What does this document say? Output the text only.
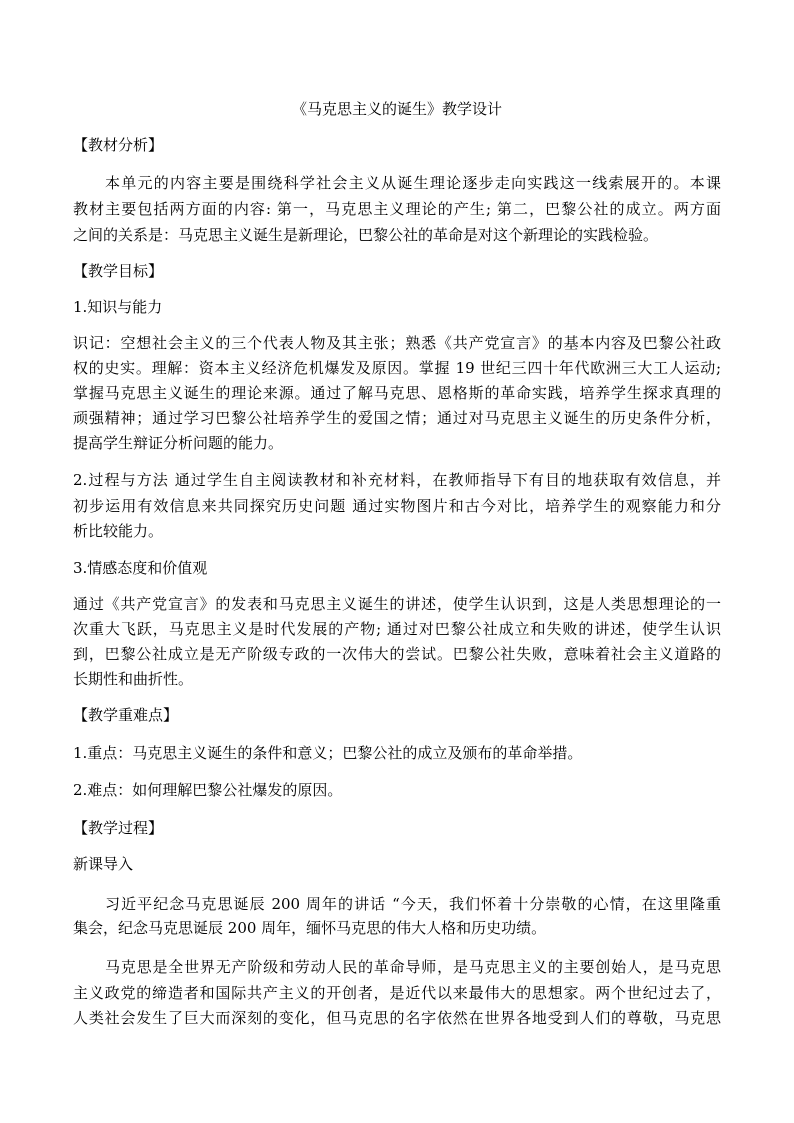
《马克思主义的诞生》教学设计
【教材分析】
本单元的内容主要是围绕科学社会主义从诞生理论逐步走向实践这一线索展开的。本课
教材主要包括两方面的内容: 第一，马克思主义理论的产生; 第二，巴黎公社的成立。两方面
之间的关系是：马克思主义诞生是新理论，巴黎公社的革命是对这个新理论的实践检验。
【教学目标】
1.知识与能力
识记：空想社会主义的三个代表人物及其主张；熟悉《共产党宣言》的基本内容及巴黎公社政
权的史实。理解：资本主义经济危机爆发及原因。掌握 19 世纪三四十年代欧洲三大工人运动;
掌握马克思主义诞生的理论来源。通过了解马克思、恩格斯的革命实践，培养学生探求真理的
顽强精神；通过学习巴黎公社培养学生的爱国之情；通过对马克思主义诞生的历史条件分析，
提高学生辩证分析问题的能力。
2.过程与方法 通过学生自主阅读教材和补充材料，在教师指导下有目的地获取有效信息，并
初步运用有效信息来共同探究历史问题 通过实物图片和古今对比，培养学生的观察能力和分
析比较能力。
3.情感态度和价值观
通过《共产党宣言》的发表和马克思主义诞生的讲述，使学生认识到，这是人类思想理论的一
次重大飞跃，马克思主义是时代发展的产物; 通过对巴黎公社成立和失败的讲述，使学生认识
到，巴黎公社成立是无产阶级专政的一次伟大的尝试。巴黎公社失败，意味着社会主义道路的
长期性和曲折性。
【教学重难点】
1.重点：马克思主义诞生的条件和意义；巴黎公社的成立及颁布的革命举措。
2.难点：如何理解巴黎公社爆发的原因。
【教学过程】
新课导入
习近平纪念马克思诞辰 200 周年的讲话 “今天，我们怀着十分崇敬的心情，在这里隆重
集会，纪念马克思诞辰 200 周年，缅怀马克思的伟大人格和历史功绩。
马克思是全世界无产阶级和劳动人民的革命导师，是马克思主义的主要创始人，是马克思
主义政党的缔造者和国际共产主义的开创者，是近代以来最伟大的思想家。两个世纪过去了，
人类社会发生了巨大而深刻的变化，但马克思的名字依然在世界各地受到人们的尊敬，马克思
